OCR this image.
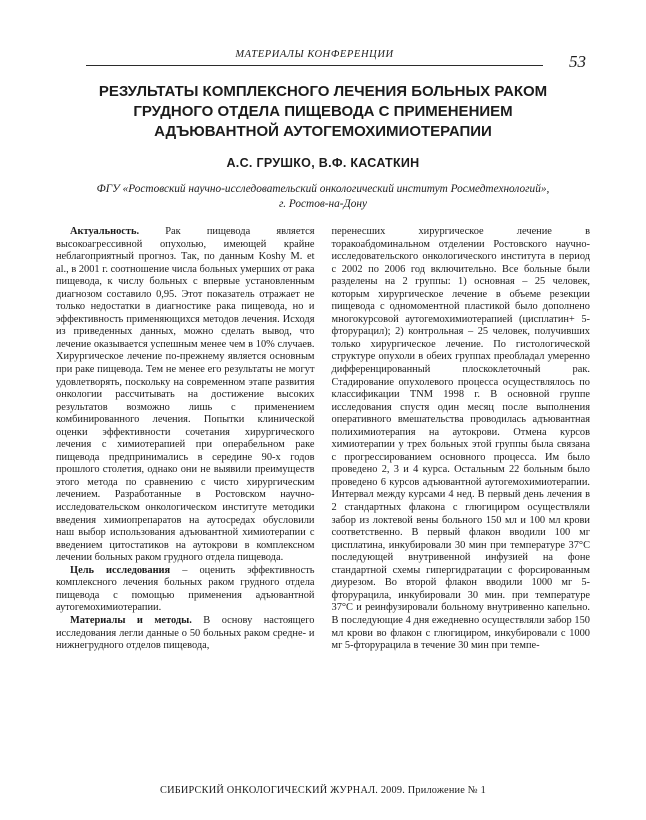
МАТЕРИАЛЫ КОНФЕРЕНЦИИ	53
РЕЗУЛЬТАТЫ КОМПЛЕКСНОГО ЛЕЧЕНИЯ БОЛЬНЫХ РАКОМ ГРУДНОГО ОТДЕЛА ПИЩЕВОДА С ПРИМЕНЕНИЕМ АДЪЮВАНТНОЙ АУТОГЕМОХИМИОТЕРАПИИ
А.С. ГРУШКО, В.Ф. КАСАТКИН
ФГУ «Ростовский научно-исследовательский онкологический институт Росмедтехнологий»,
г. Ростов-на-Дону

Актуальность. Рак пищевода является высокоагрессивной опухолью, имеющей крайне неблагоприятный прогноз. Так, по данным Koshy M. et al., в 2001 г. соотношение числа больных умерших от рака пищевода, к числу больных с впервые установленным диагнозом составило 0,95. Этот показатель отражает не только недостатки в диагностике рака пищевода, но и эффективность применяющихся методов лечения. Исходя из приведенных данных, можно сделать вывод, что лечение оказывается успешным менее чем в 10% случаев. Хирургическое лечение по-прежнему является основным при раке пищевода. Тем не менее его результаты не могут удовлетворять, поскольку на современном этапе развития онкологии рассчитывать на достижение высоких результатов возможно лишь с применением комбинированного лечения. Попытки клинической оценки эффективности сочетания хирургического лечения с химиотерапией при операбельном раке пищевода предпринимались в середине 90-х годов прошлого столетия, однако они не выявили преимуществ этого метода по сравнению с чисто хирургическим лечением. Разработанные в Ростовском научно-исследовательском онкологическом институте методики введения химиопрепаратов на аутосредах обусловили наш выбор использования адъювантной химиотерапии с введением цитостатиков на аутокрови в комплексном лечении больных раком грудного отдела пищевода.

Цель исследования – оценить эффективность комплексного лечения больных раком грудного отдела пищевода с помощью применения адъювантной аутогемохимиотерапии.

Материалы и методы. В основу настоящего исследования легли данные о 50 больных раком средне- и нижнегрудного отделов пищевода,

перенесших хирургическое лечение в торакоабдоминальном отделении Ростовского научно-исследовательского онкологического института в период с 2002 по 2006 год включительно. Все больные были разделены на 2 группы: 1) основная – 25 человек, которым хирургическое лечение в объеме резекции пищевода с одномоментной пластикой было дополнено многокурсовой аутогемохимиотерапией (цисплатин+ 5-фторурацил); 2) контрольная – 25 человек, получивших только хирургическое лечение. По гистологической структуре опухоли в обеих группах преобладал умеренно дифференцированный плоскоклеточный рак. Стадирование опухолевого процесса осуществлялось по классификации TNM 1998 г. В основной группе исследования спустя один месяц после выполнения оперативного вмешательства проводилась адъювантная полихимиотерапия на аутокрови. Отмена курсов химиотерапии у трех больных этой группы была связана с прогрессированием основного процесса. Им было проведено 2, 3 и 4 курса. Остальным 22 больным было проведено 6 курсов адъювантной аутогемохимиотерапии. Интервал между курсами 4 нед. В первый день лечения в 2 стандартных флакона с глюгициром осуществляли забор из локтевой вены больного 150 мл и 100 мл крови соответственно. В первый флакон вводили 100 мг цисплатина, инкубировали 30 мин при температуре 37°С последующей внутривенной инфузией на фоне стандартной схемы гипергидратации с форсированным диурезом. Во второй флакон вводили 1000 мг 5-фторурацила, инкубировали 30 мин. при температуре 37°С и реинфузировали больному внутривенно капельно. В последующие 4 дня ежедневно осуществляли забор 150 мл крови во флакон с глюгициром, инкубировали с 1000 мг 5-фторурацила в течение 30 мин при темпе-

СИБИРСКИЙ ОНКОЛОГИЧЕСКИЙ ЖУРНАЛ. 2009. Приложение № 1
